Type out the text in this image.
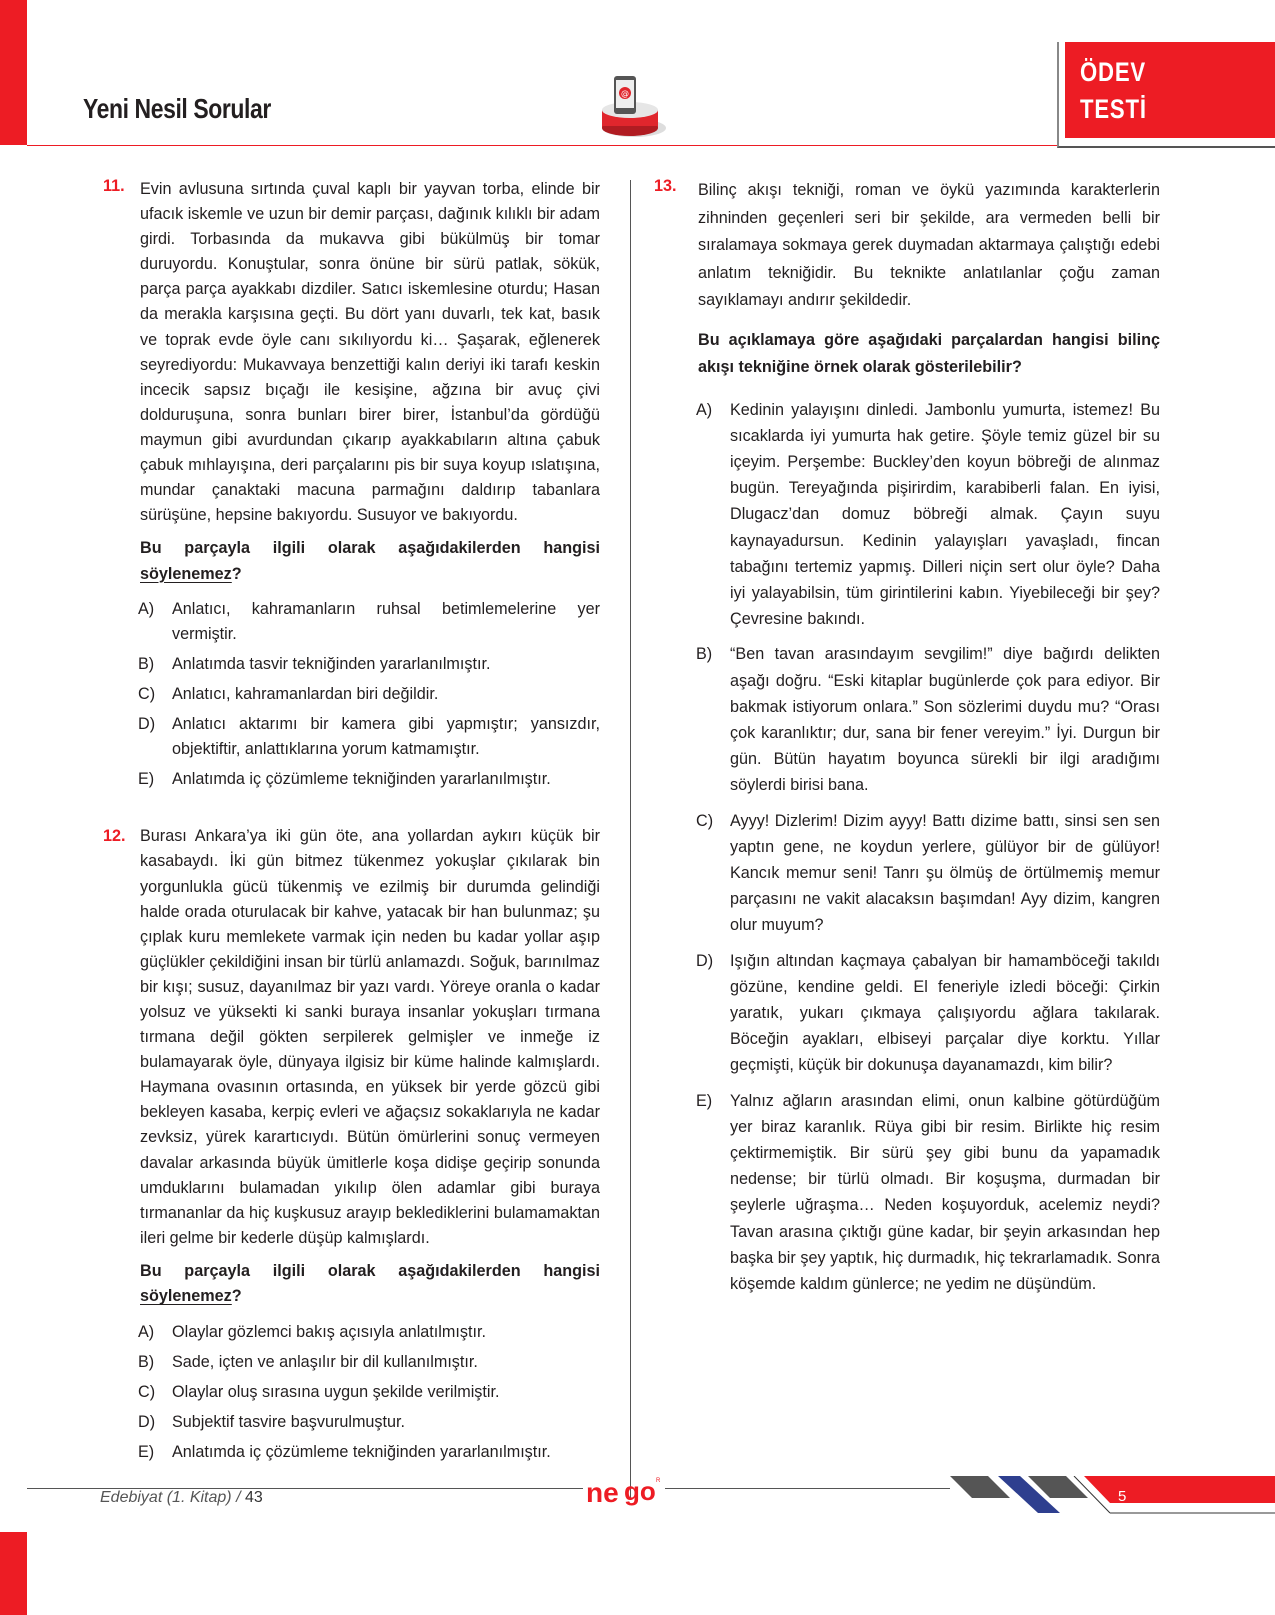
Yeni Nesil Sorular	@
ÖDEV
TESTİ
11.
12.
13.

Evin avlusuna sırtında çuval kaplı bir yayvan torba, elinde bir ufacık iskemle ve uzun bir demir parçası, dağınık kılıklı bir adam girdi. Torbasında da mukavva gibi bükülmüş bir tomar duruyordu. Konuştular, sonra önüne bir sürü patlak, sökük, parça parça ayakkabı dizdiler. Satıcı iskemlesine oturdu; Hasan da merakla karşısına geçti. Bu dört yanı duvarlı, tek kat, basık ve toprak evde öyle canı sıkılıyordu ki… Şaşarak, eğlenerek seyrediyordu: Mukavvaya benzettiği kalın deriyi iki tarafı keskin incecik sapsız bıçağı ile kesişine, ağzına bir avuç çivi dolduruşuna, sonra bunları birer birer, İstanbul’da gördüğü maymun gibi avurdundan çıkarıp ayakkabıların altına çabuk çabuk mıhlayışına, deri parçalarını pis bir suya koyup ıslatışına, mundar çanaktaki macuna parmağını daldırıp tabanlara sürüşüne, hepsine bakıyordu. Susuyor ve bakıyordu.

Bu parçayla ilgili olarak aşağıdakilerden hangisi söylenemez?

A) Anlatıcı, kahramanların ruhsal betimlemelerine yer vermiştir.
B) Anlatımda tasvir tekniğinden yararlanılmıştır.
C) Anlatıcı, kahramanlardan biri değildir.
D) Anlatıcı aktarımı bir kamera gibi yapmıştır; yansızdır, objektiftir, anlattıklarına yorum katmamıştır.
E) Anlatımda iç çözümleme tekniğinden yararlanılmıştır.

Burası Ankara’ya iki gün öte, ana yollardan aykırı küçük bir kasabaydı. İki gün bitmez tükenmez yokuşlar çıkılarak bin yorgunlukla gücü tükenmiş ve ezilmiş bir durumda gelindiği halde orada oturulacak bir kahve, yatacak bir han bulunmaz; şu çıplak kuru memlekete varmak için neden bu kadar yollar aşıp güçlükler çekildiğini insan bir türlü anlamazdı. Soğuk, barınılmaz bir kışı; susuz, dayanılmaz bir yazı vardı. Yöreye oranla o kadar yolsuz ve yüksekti ki sanki buraya insanlar yokuşları tırmana tırmana değil gökten serpilerek gelmişler ve inmeğe iz bulamayarak öyle, dünyaya ilgisiz bir küme halinde kalmışlardı. Haymana ovasının ortasında, en yüksek bir yerde gözcü gibi bekleyen kasaba, kerpiç evleri ve ağaçsız sokaklarıyla ne kadar zevksiz, yürek karartıcıydı. Bütün ömürlerini sonuç vermeyen davalar arkasında büyük ümitlerle koşa didişe geçirip sonunda umduklarını bulamadan yıkılıp ölen adamlar gibi buraya tırmananlar da hiç kuşkusuz arayıp beklediklerini bulamamaktan ileri gelme bir kederle düşüp kalmışlardı.

Bu parçayla ilgili olarak aşağıdakilerden hangisi söylenemez?

A) Olaylar gözlemci bakış açısıyla anlatılmıştır.
B) Sade, içten ve anlaşılır bir dil kullanılmıştır.
C) Olaylar oluş sırasına uygun şekilde verilmiştir.
D) Subjektif tasvire başvurulmuştur.
E) Anlatımda iç çözümleme tekniğinden yararlanılmıştır.

Bilinç akışı tekniği, roman ve öykü yazımında karakterlerin zihninden geçenleri seri bir şekilde, ara vermeden belli bir sıralamaya sokmaya gerek duymadan aktarmaya çalıştığı edebi anlatım tekniğidir. Bu teknikte anlatılanlar çoğu zaman sayıklamayı andırır şekildedir.

Bu açıklamaya göre aşağıdaki parçalardan hangisi bilinç akışı tekniğine örnek olarak gösterilebilir?

A) Kedinin yalayışını dinledi. Jambonlu yumurta, istemez! Bu sıcaklarda iyi yumurta hak getire. Şöyle temiz güzel bir su içeyim. Perşembe: Buckley’den koyun böbreği de alınmaz bugün. Tereyağında pişirirdim, karabiberli falan. En iyisi, Dlugacz’dan domuz böbreği almak. Çayın suyu kaynayadursun. Kedinin yalayışları yavaşladı, fincan tabağını tertemiz yapmış. Dilleri niçin sert olur öyle? Daha iyi yalayabilsin, tüm girintilerini kabın. Yiyebileceği bir şey? Çevresine bakındı.
B) “Ben tavan arasındayım sevgilim!” diye bağırdı delikten aşağı doğru. “Eski kitaplar bugünlerde çok para ediyor. Bir bakmak istiyorum onlara.” Son sözlerimi duydu mu? “Orası çok karanlıktır; dur, sana bir fener vereyim.” İyi. Durgun bir gün. Bütün hayatım boyunca sürekli bir ilgi aradığımı söylerdi birisi bana.
C) Ayyy! Dizlerim! Dizim ayyy! Battı dizime battı, sinsi sen sen yaptın gene, ne koydun yerlere, gülüyor bir de gülüyor! Kancık memur seni! Tanrı şu ölmüş de örtülmemiş memur parçasını ne vakit alacaksın başımdan! Ayy dizim, kangren olur muyum?
D) Işığın altından kaçmaya çabalyan bir hamamböceği takıldı gözüne, kendine geldi. El feneriyle izledi böceği: Çirkin yaratık, yukarı çıkmaya çalışıyordu ağlara takılarak. Böceğin ayakları, elbiseyi parçalar diye korktu. Yıllar geçmişti, küçük bir dokunuşa dayanamazdı, kim bilir?
E) Yalnız ağların arasından elimi, onun kalbine götürdüğüm yer biraz karanlık. Rüya gibi bir resim. Birlikte hiç resim çektirmemiştik. Bir sürü şey gibi bunu da yapamadık nedense; bir türlü olmadı. Bir koşuşma, durmadan bir şeylerle uğraşma… Neden koşuyorduk, acelemiz neydi? Tavan arasına çıktığı güne kadar, bir şeyin arkasından hep başka bir şey yaptık, hiç durmadık, hiç tekrarlamadık. Sonra köşemde kaldım günlerce; ne yedim ne düşündüm.
Edebiyat (1. Kitap) / 43	ne go R
5
